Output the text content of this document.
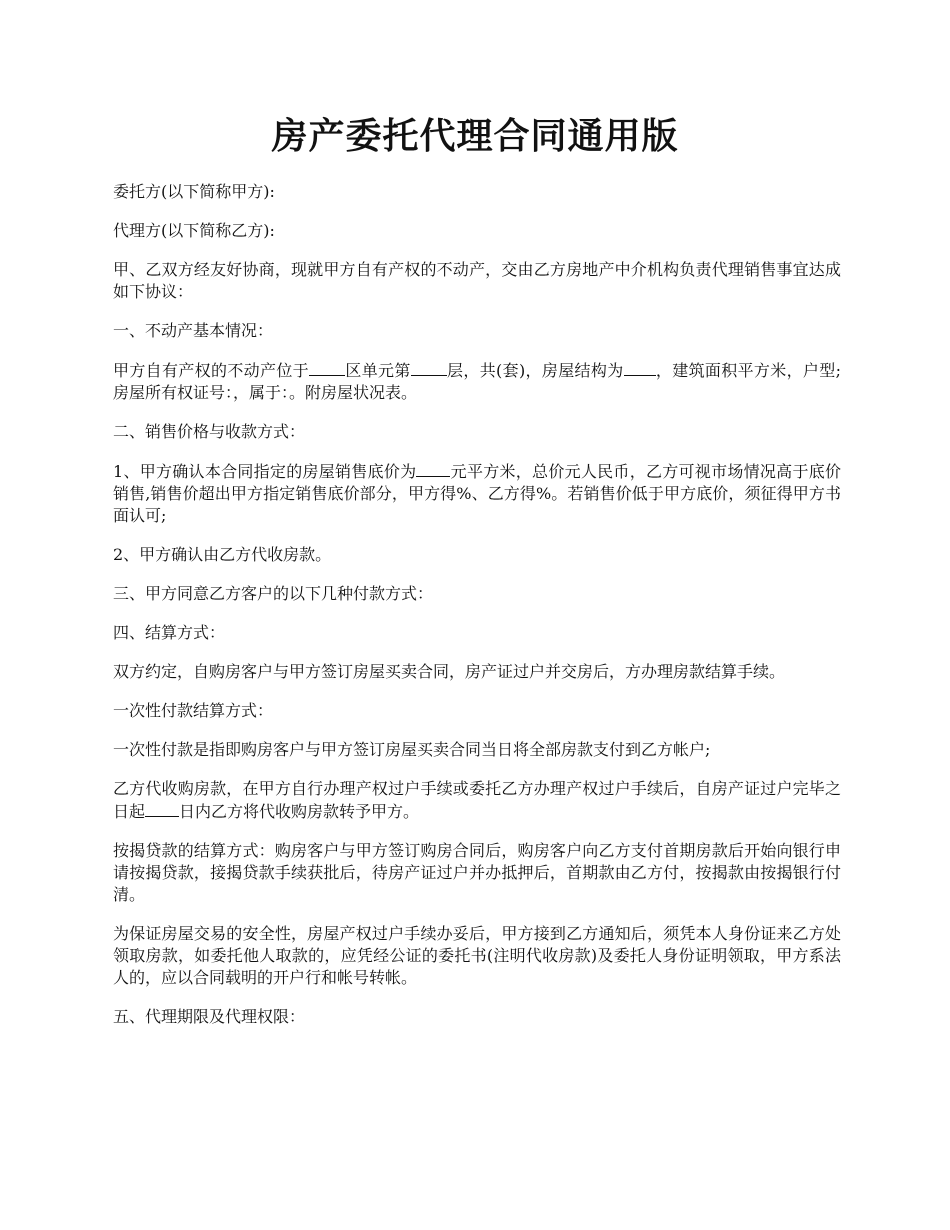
房产委托代理合同通用版

委托方(以下简称甲方):

代理方(以下简称乙方):

甲、乙双方经友好协商，现就甲方自有产权的不动产，交由乙方房地产中介机构负责代理销售事宜达成如下协议：

一、不动产基本情况：

甲方自有产权的不动产位于 区单元第 层，共(套)，房屋结构为 ，建筑面积平方米，户型;房屋所有权证号：，属于：。附房屋状况表。

二、销售价格与收款方式：

1、甲方确认本合同指定的房屋销售底价为 元平方米，总价元人民币，乙方可视市场情况高于底价销售,销售价超出甲方指定销售底价部分，甲方得%、乙方得%。若销售价低于甲方底价，须征得甲方书面认可;

2、甲方确认由乙方代收房款。

三、甲方同意乙方客户的以下几种付款方式：

四、结算方式：

双方约定，自购房客户与甲方签订房屋买卖合同，房产证过户并交房后，方办理房款结算手续。

一次性付款结算方式：

一次性付款是指即购房客户与甲方签订房屋买卖合同当日将全部房款支付到乙方帐户;

乙方代收购房款，在甲方自行办理产权过户手续或委托乙方办理产权过户手续后，自房产证过户完毕之日起 日内乙方将代收购房款转予甲方。

按揭贷款的结算方式：购房客户与甲方签订购房合同后，购房客户向乙方支付首期房款后开始向银行申请按揭贷款，接揭贷款手续获批后，待房产证过户并办抵押后，首期款由乙方付，按揭款由按揭银行付清。

为保证房屋交易的安全性，房屋产权过户手续办妥后，甲方接到乙方通知后，须凭本人身份证来乙方处领取房款，如委托他人取款的，应凭经公证的委托书(注明代收房款)及委托人身份证明领取，甲方系法人的，应以合同载明的开户行和帐号转帐。

五、代理期限及代理权限：
